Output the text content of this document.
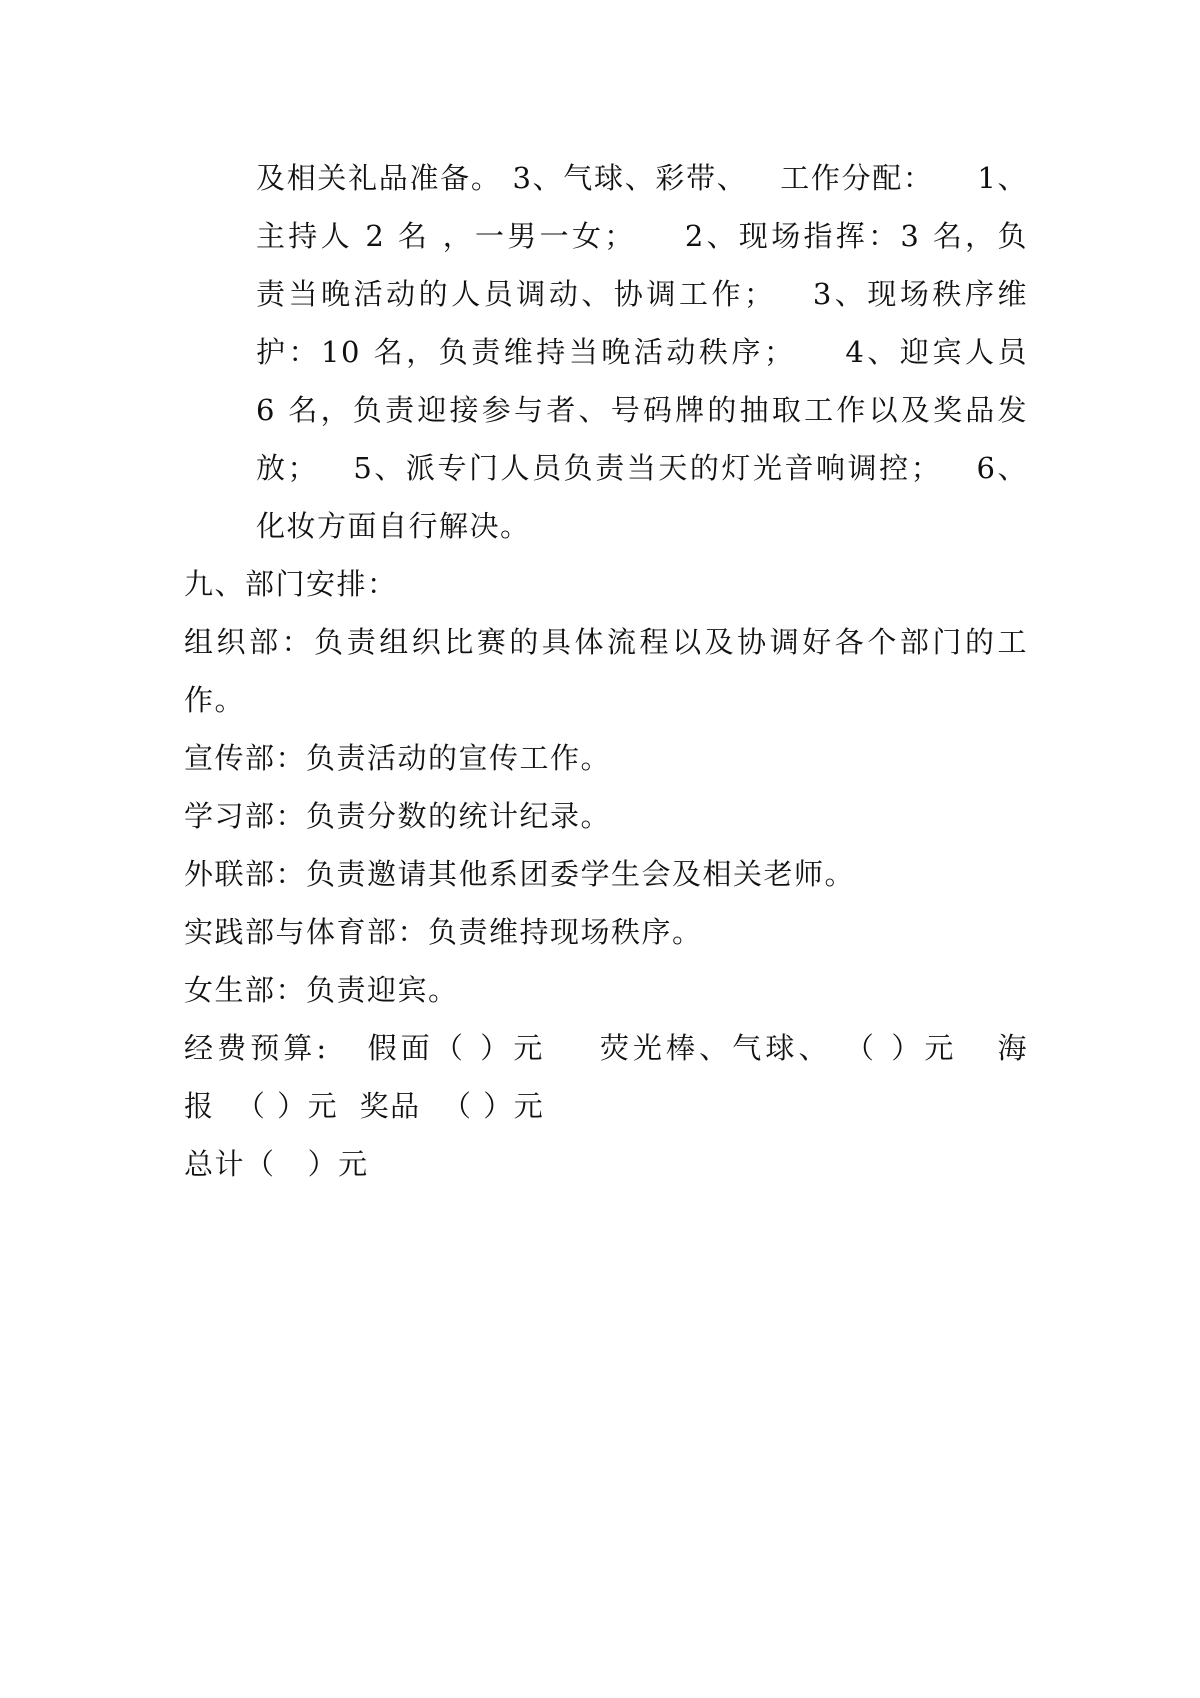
及相关礼品准备。 3、气球、彩带、   工作分配：    1、
主持人 2 名 ，一男一女；    2、现场指挥：3 名，负
责当晚活动的人员调动、协调工作；   3、现场秩序维
护：10 名，负责维持当晚活动秩序；    4、迎宾人员
6 名，负责迎接参与者、号码牌的抽取工作以及奖品发
放；   5、派专门人员负责当天的灯光音响调控；   6、
化妆方面自行解决。
九、部门安排：
组织部：负责组织比赛的具体流程以及协调好各个部门的工
作。
宣传部：负责活动的宣传工作。
学习部：负责分数的统计纪录。
外联部：负责邀请其他系团委学生会及相关老师。
实践部与体育部：负责维持现场秩序。
女生部：负责迎宾。
经费预算:   假面（ ）元    荧光棒、气球、 （ ）元   海
报  （ ）元  奖品  （ ）元
总计（   ）元
